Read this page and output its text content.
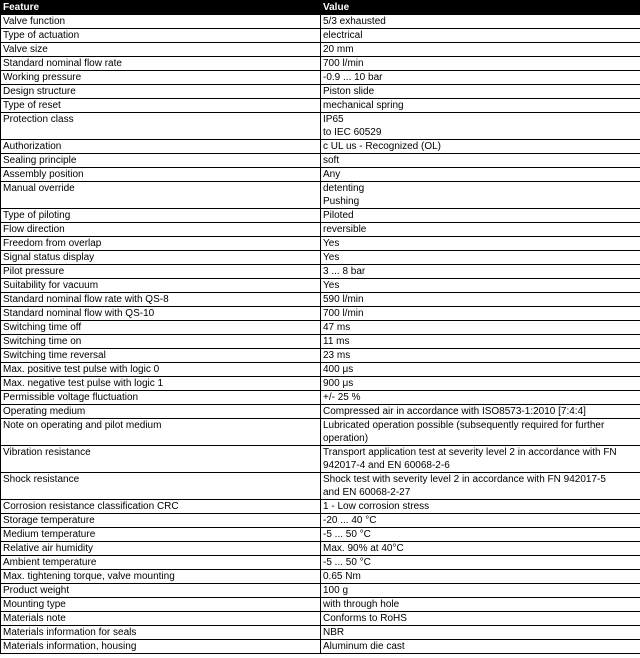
Feature	Value
Valve function	5/3 exhausted

Type of actuation	electrical

Valve size	20 mm

Standard nominal flow rate	700 l/min

Working pressure	-0.9 ... 10 bar

Design structure	Piston slide

Type of reset	mechanical spring

Protection class	IP65
to IEC 60529

Authorization	c UL us - Recognized (OL)

Sealing principle	soft

Assembly position	Any

Manual override	detenting
Pushing

Type of piloting	Piloted

Flow direction	reversible

Freedom from overlap	Yes

Signal status display	Yes

Pilot pressure	3 ... 8 bar

Suitability for vacuum	Yes

Standard nominal flow rate with QS-8	590 l/min

Standard nominal flow with QS-10	700 l/min

Switching time off	47 ms

Switching time on	11 ms

Switching time reversal	23 ms

Max. positive test pulse with logic 0	400 μs

Max. negative test pulse with logic 1	900 μs

Permissible voltage fluctuation	+/- 25 %

Operating medium	Compressed air in accordance with ISO8573-1:2010 [7:4:4]

Note on operating and pilot medium	Lubricated operation possible (subsequently required for further
operation)

Vibration resistance	Transport application test at severity level 2 in accordance with FN
942017-4 and EN 60068-2-6

Shock resistance	Shock test with severity level 2 in accordance with FN 942017-5
and EN 60068-2-27

Corrosion resistance classification CRC	1 - Low corrosion stress

Storage temperature	-20 ... 40 °C

Medium temperature	-5 ... 50 °C

Relative air humidity	Max. 90% at 40°C

Ambient temperature	-5 ... 50 °C

Max. tightening torque, valve mounting	0.65 Nm

Product weight	100 g

Mounting type	with through hole

Materials note	Conforms to RoHS

Materials information for seals	NBR

Materials information, housing	Aluminum die cast
